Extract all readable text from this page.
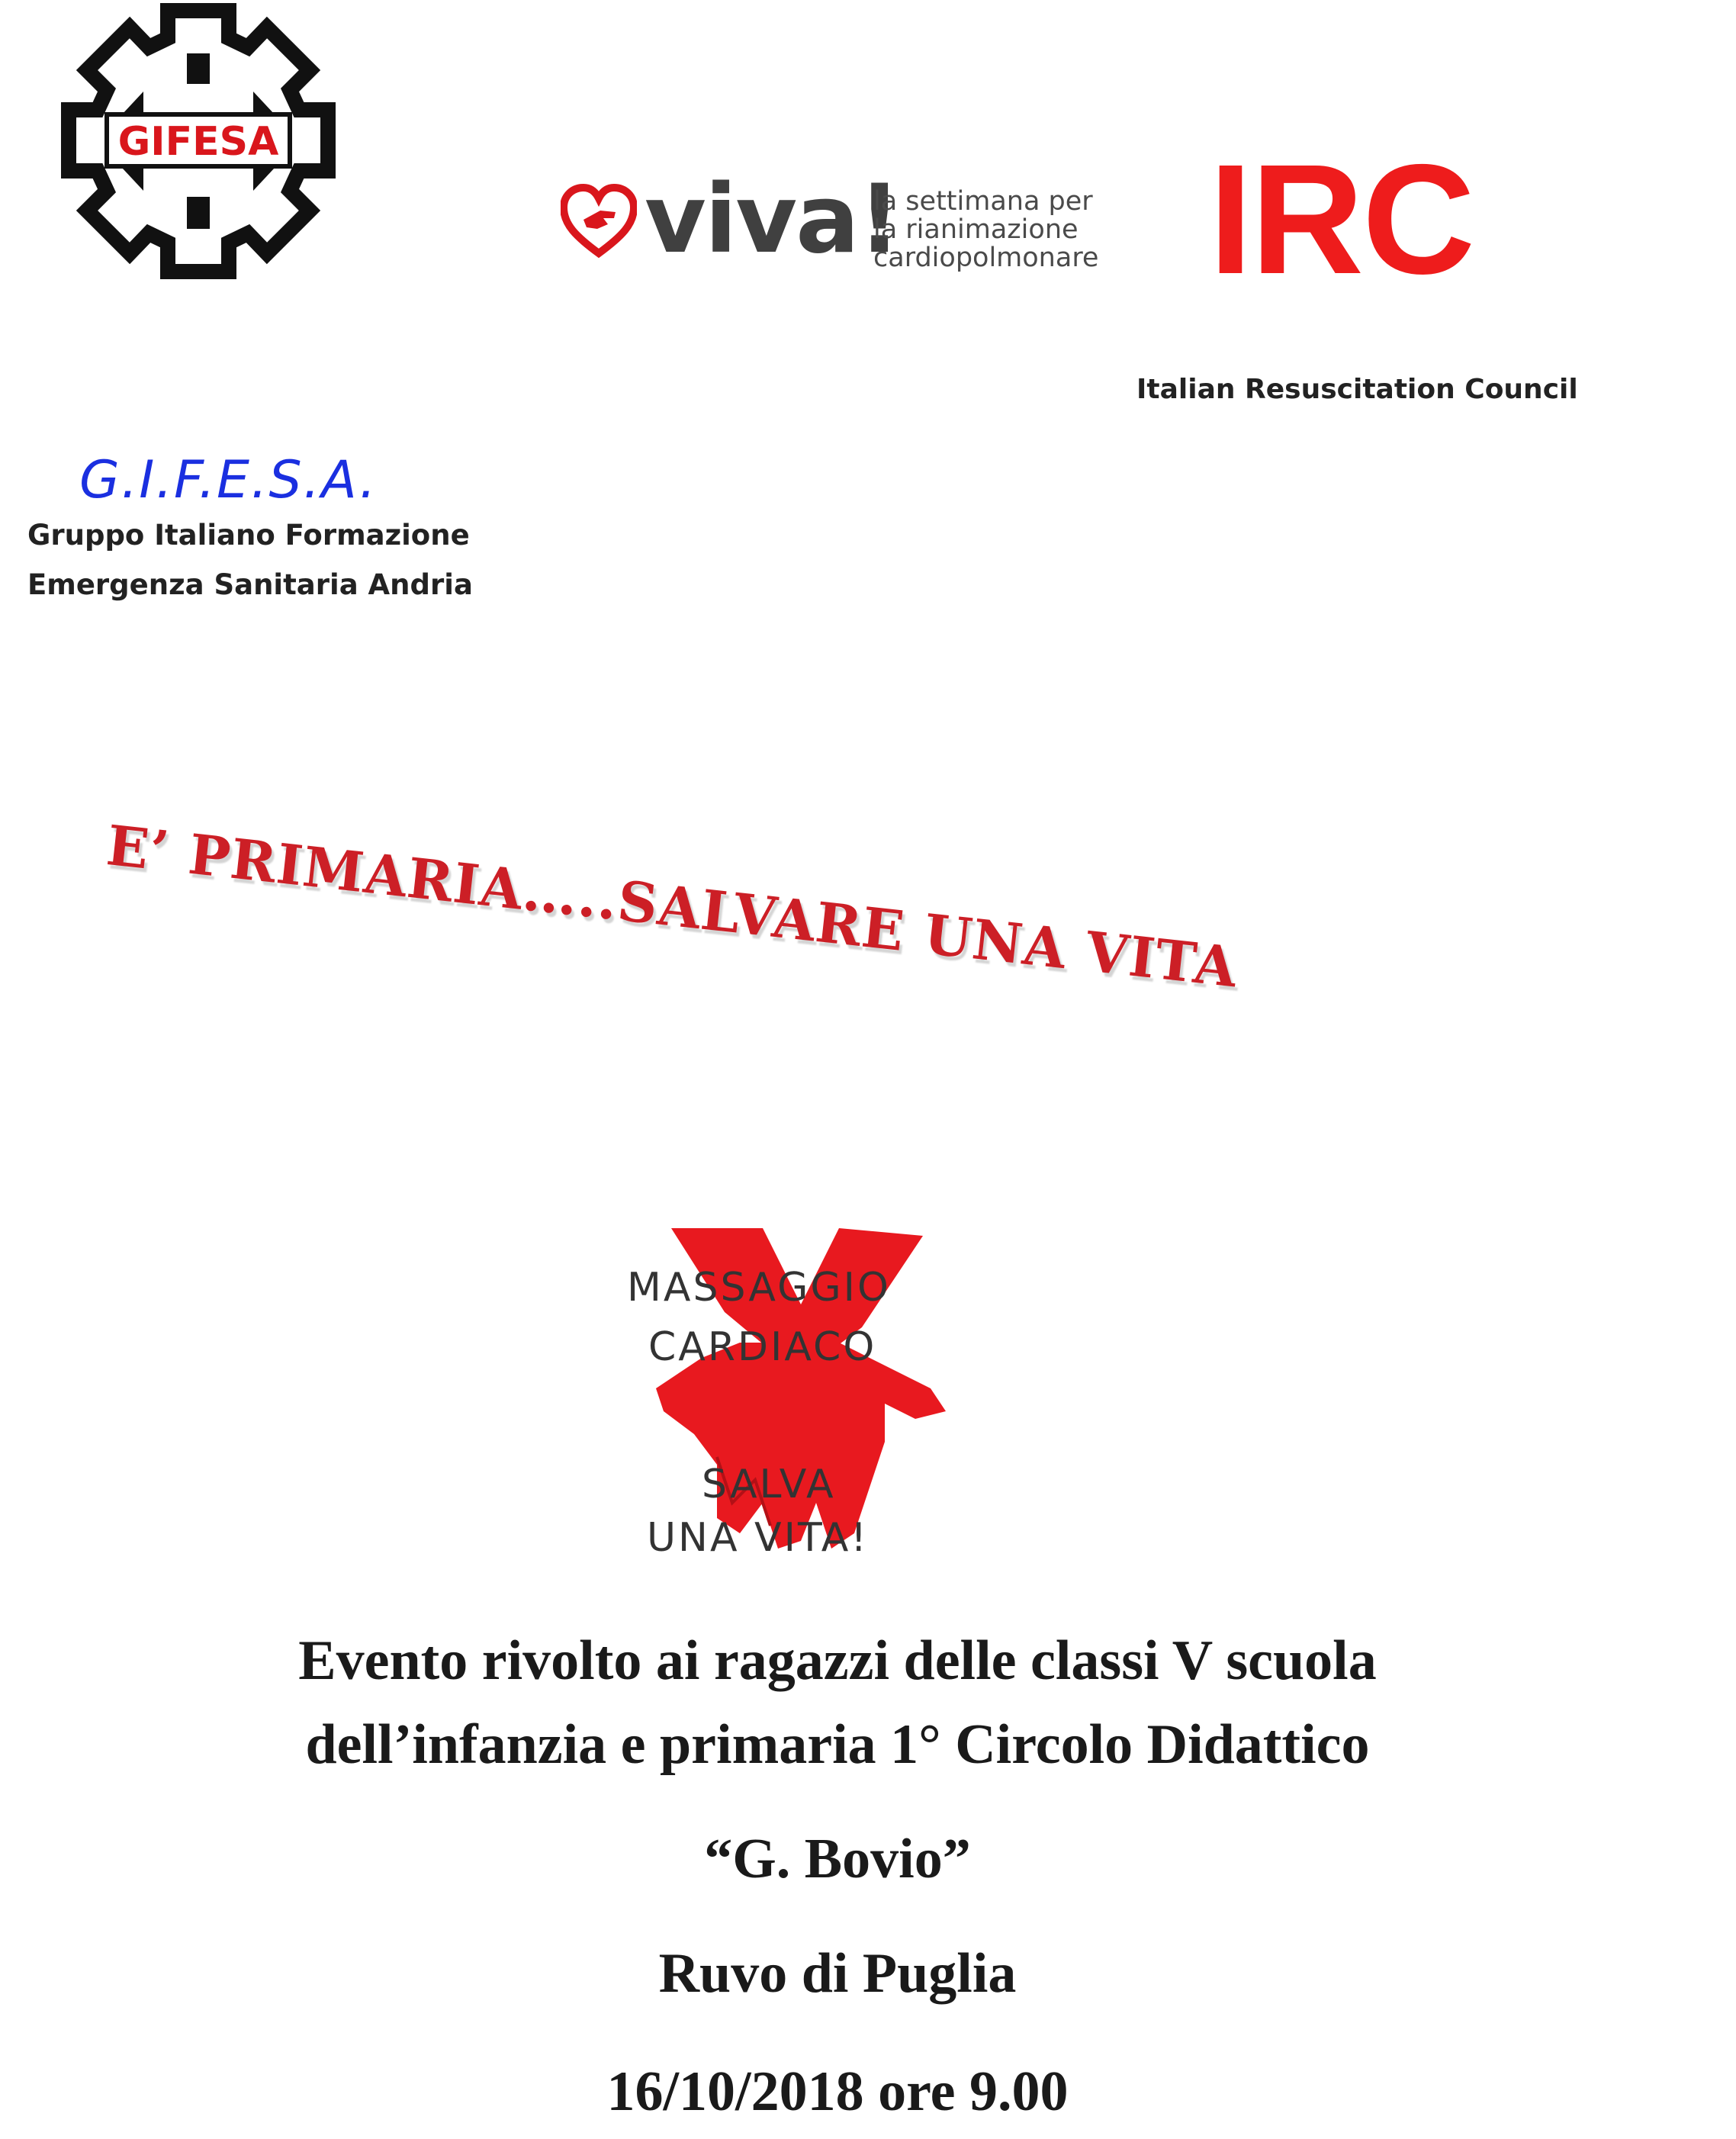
GIFESA
viva!
la settimana per
la rianimazione
cardiopolmonare IRC
Italian Resuscitation Council
G.I.F.E.S.A.
Gruppo Italiano Formazione
Emergenza Sanitaria Andria
E’ PRIMARIA…..SALVARE UNA VITA
MASSAGGIO
CARDIACO
SALVA
UNA VITA!
Evento rivolto ai ragazzi delle classi V scuola
dell’infanzia e primaria 1° Circolo Didattico
“G. Bovio”
Ruvo di Puglia
16/10/2018 ore 9.00
